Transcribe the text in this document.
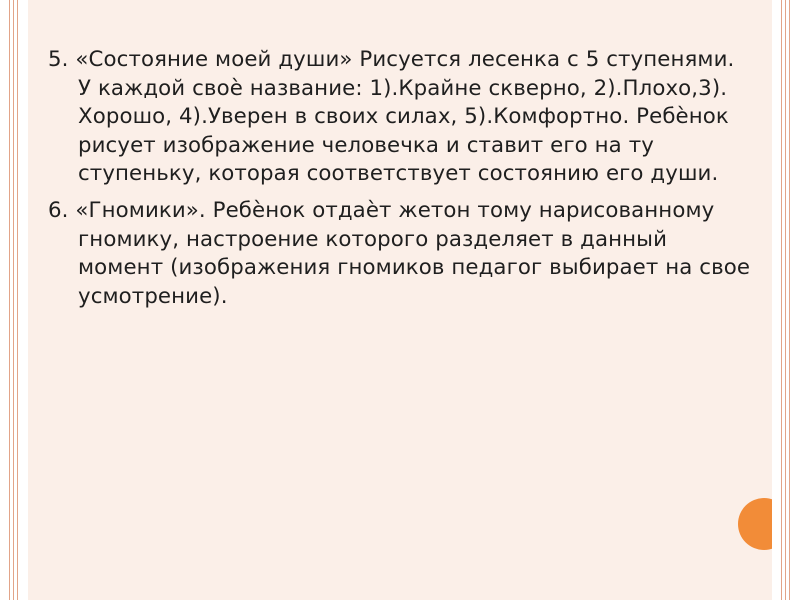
5. «Состояние моей души» Рисуется лесенка с 5 ступенями. У каждой своѐ название: 1).Крайне скверно, 2).Плохо,3). Хорошо, 4).Уверен в своих силах, 5).Комфортно. Ребѐнок рисует изображение человечка и ставит его на ту ступеньку, которая соответствует состоянию его души.

6. «Гномики». Ребѐнок отдаѐт жетон тому нарисованному гномику, настроение которого разделяет в данный момент (изображения гномиков педагог выбирает на свое усмотрение).
